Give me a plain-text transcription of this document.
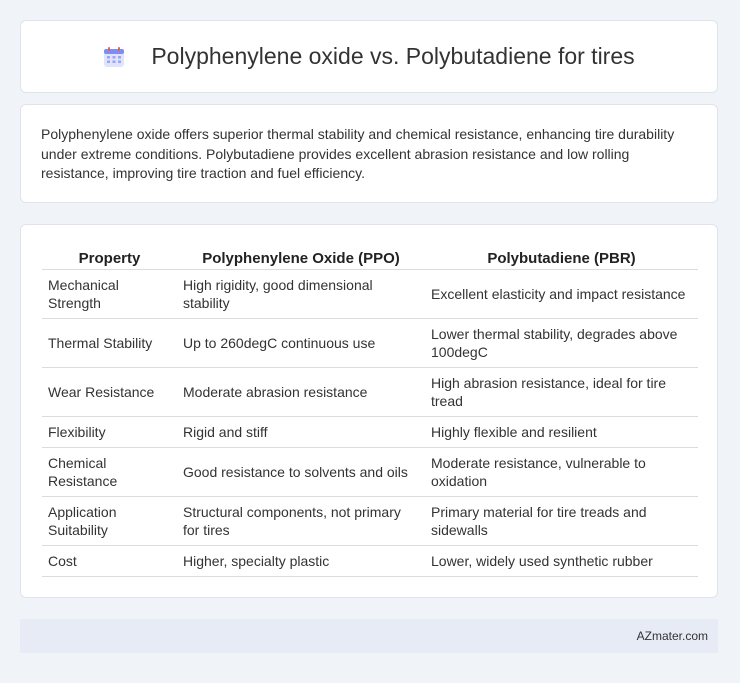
Polyphenylene oxide vs. Polybutadiene for tires

Polyphenylene oxide offers superior thermal stability and chemical resistance, enhancing tire durability under extreme conditions. Polybutadiene provides excellent abrasion resistance and low rolling resistance, improving tire traction and fuel efficiency.

Property	Polyphenylene Oxide (PPO)	Polybutadiene (PBR)
Mechanical Strength	High rigidity, good dimensional stability	Excellent elasticity and impact resistance
Thermal Stability	Up to 260degC continuous use	Lower thermal stability, degrades above 100degC
Wear Resistance	Moderate abrasion resistance	High abrasion resistance, ideal for tire tread
Flexibility	Rigid and stiff	Highly flexible and resilient
Chemical Resistance	Good resistance to solvents and oils	Moderate resistance, vulnerable to oxidation
Application Suitability	Structural components, not primary for tires	Primary material for tire treads and sidewalls
Cost	Higher, specialty plastic	Lower, widely used synthetic rubber
AZmater.com
